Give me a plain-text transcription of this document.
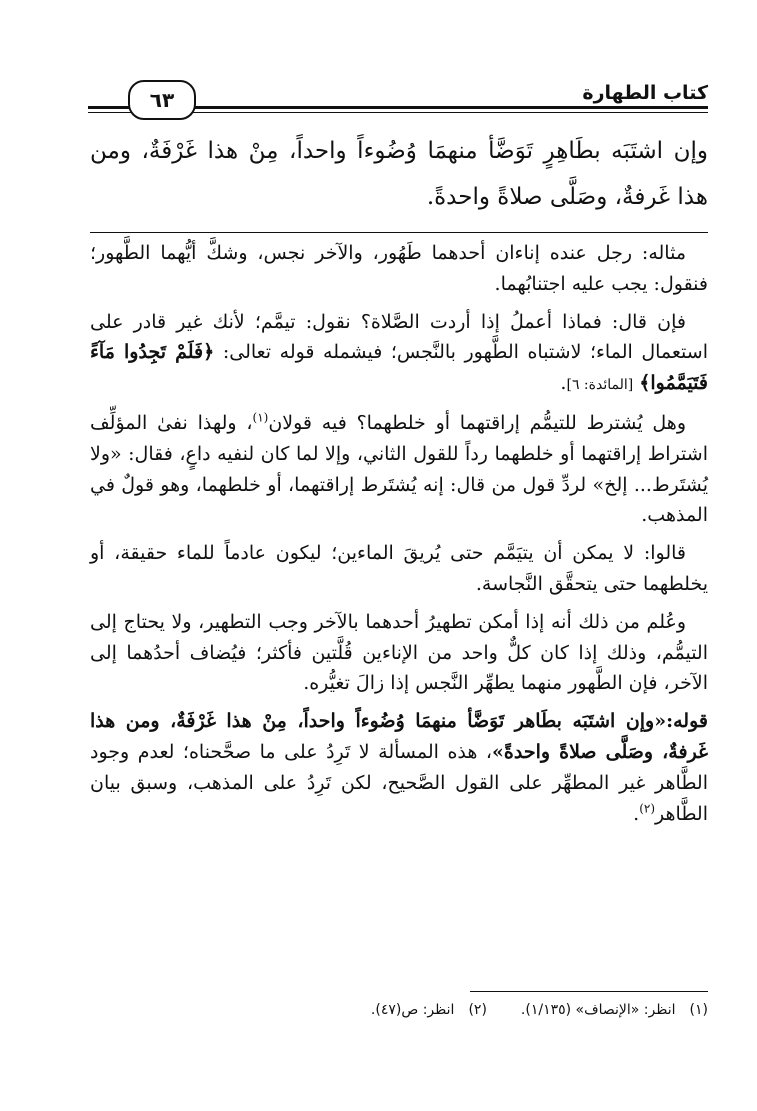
كتاب الطهارة
٦٣
وإن اشتَبَه بطَاهِرٍ تَوَضَّأ منهمَا وُضُوءاً واحداً، مِنْ هذا غَرْفَةٌ، ومن هذا غَرفةٌ، وصَلَّى صلاةً واحدةً.

مثاله: رجل عنده إناءان أحدهما طَهُور، والآخر نجس، وشكَّ أيُّهما الطَّهور؛ فنقول: يجب عليه اجتنابُهما.

فإن قال: فماذا أعملُ إذا أردت الصَّلاة؟ نقول: تيمَّم؛ لأنك غير قادر على استعمال الماء؛ لاشتباه الطَّهور بالنَّجس؛ فيشمله قوله تعالى: ﴿فَلَمْ تَجِدُوا مَآءً فَتَيَمَّمُوا﴾ [المائدة: ٦].

وهل يُشترط للتيمُّم إراقتهما أو خلطهما؟ فيه قولان$^{(١)}$، ولهذا نفىٰ المؤلِّف اشتراط إراقتهما أو خلطهما رداً للقول الثاني، وإلا لما كان لنفيه داعٍ، فقال: «ولا يُشتَرط... إلخ» لردِّ قول من قال: إنه يُشتَرط إراقتهما، أو خلطهما، وهو قولٌ في المذهب.

قالوا: لا يمكن أن يتيَمَّم حتى يُريقَ الماءين؛ ليكون عادماً للماء حقيقة، أو يخلطهما حتى يتحقَّق النَّجاسة.

وعُلم من ذلك أنه إذا أمكن تطهيرُ أحدهما بالآخر وجب التطهير، ولا يحتاج إلى التيمُّم، وذلك إذا كان كلٌّ واحد من الإناءين قُلَّتين فأكثر؛ فيُضاف أحدُهما إلى الآخر، فإن الطَّهور منهما يطهِّر النَّجس إذا زالَ تغيُّره.

قوله:«وإن اشتَبَه بطَاهر تَوَضَّأ منهمَا وُضُوءاً واحداً، مِنْ هذا غَرْفَةٌ، ومن هذا غَرفةٌ، وصَلَّى صلاةً واحدةً»، هذه المسألة لا تَرِدُ على ما صحَّحناه؛ لعدم وجود الطَّاهر غير المطهِّر على القول الصَّحيح، لكن تَرِدُ على المذهب، وسبق بيان الطَّاهر$^{(٢)}$.

(١)انظر: «الإنصاف» (١/١٣٥).
(٢)انظر: ص(٤٧).
